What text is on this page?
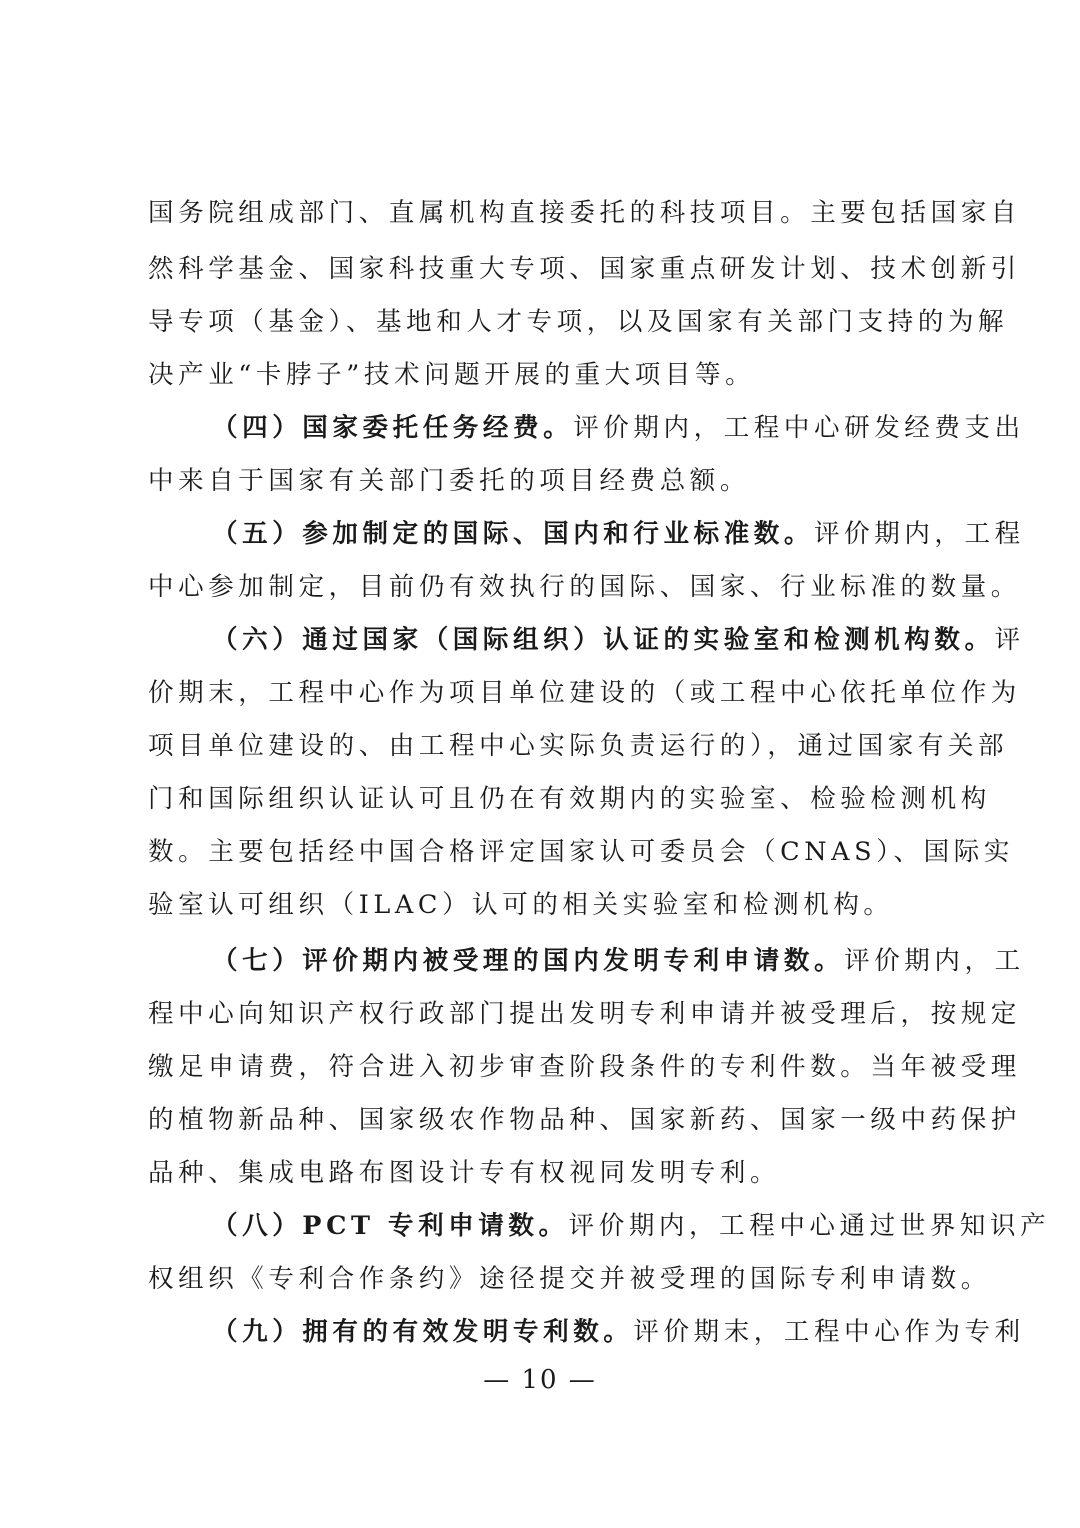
国务院组成部门、直属机构直接委托的科技项目。主要包括国家自
然科学基金、国家科技重大专项、国家重点研发计划、技术创新引
导专项（基金）、基地和人才专项，以及国家有关部门支持的为解
决产业“卡脖子”技术问题开展的重大项目等。
（四）国家委托任务经费。评价期内，工程中心研发经费支出
中来自于国家有关部门委托的项目经费总额。
（五）参加制定的国际、国内和行业标准数。评价期内，工程
中心参加制定，目前仍有效执行的国际、国家、行业标准的数量。
（六）通过国家（国际组织）认证的实验室和检测机构数。评
价期末，工程中心作为项目单位建设的（或工程中心依托单位作为
项目单位建设的、由工程中心实际负责运行的），通过国家有关部
门和国际组织认证认可且仍在有效期内的实验室、检验检测机构
数。主要包括经中国合格评定国家认可委员会（CNAS）、国际实
验室认可组织（ILAC）认可的相关实验室和检测机构。
（七）评价期内被受理的国内发明专利申请数。评价期内，工
程中心向知识产权行政部门提出发明专利申请并被受理后，按规定
缴足申请费，符合进入初步审查阶段条件的专利件数。当年被受理
的植物新品种、国家级农作物品种、国家新药、国家一级中药保护
品种、集成电路布图设计专有权视同发明专利。
（八）PCT 专利申请数。评价期内，工程中心通过世界知识产
权组织《专利合作条约》途径提交并被受理的国际专利申请数。
（九）拥有的有效发明专利数。评价期末，工程中心作为专利
— 10 —
